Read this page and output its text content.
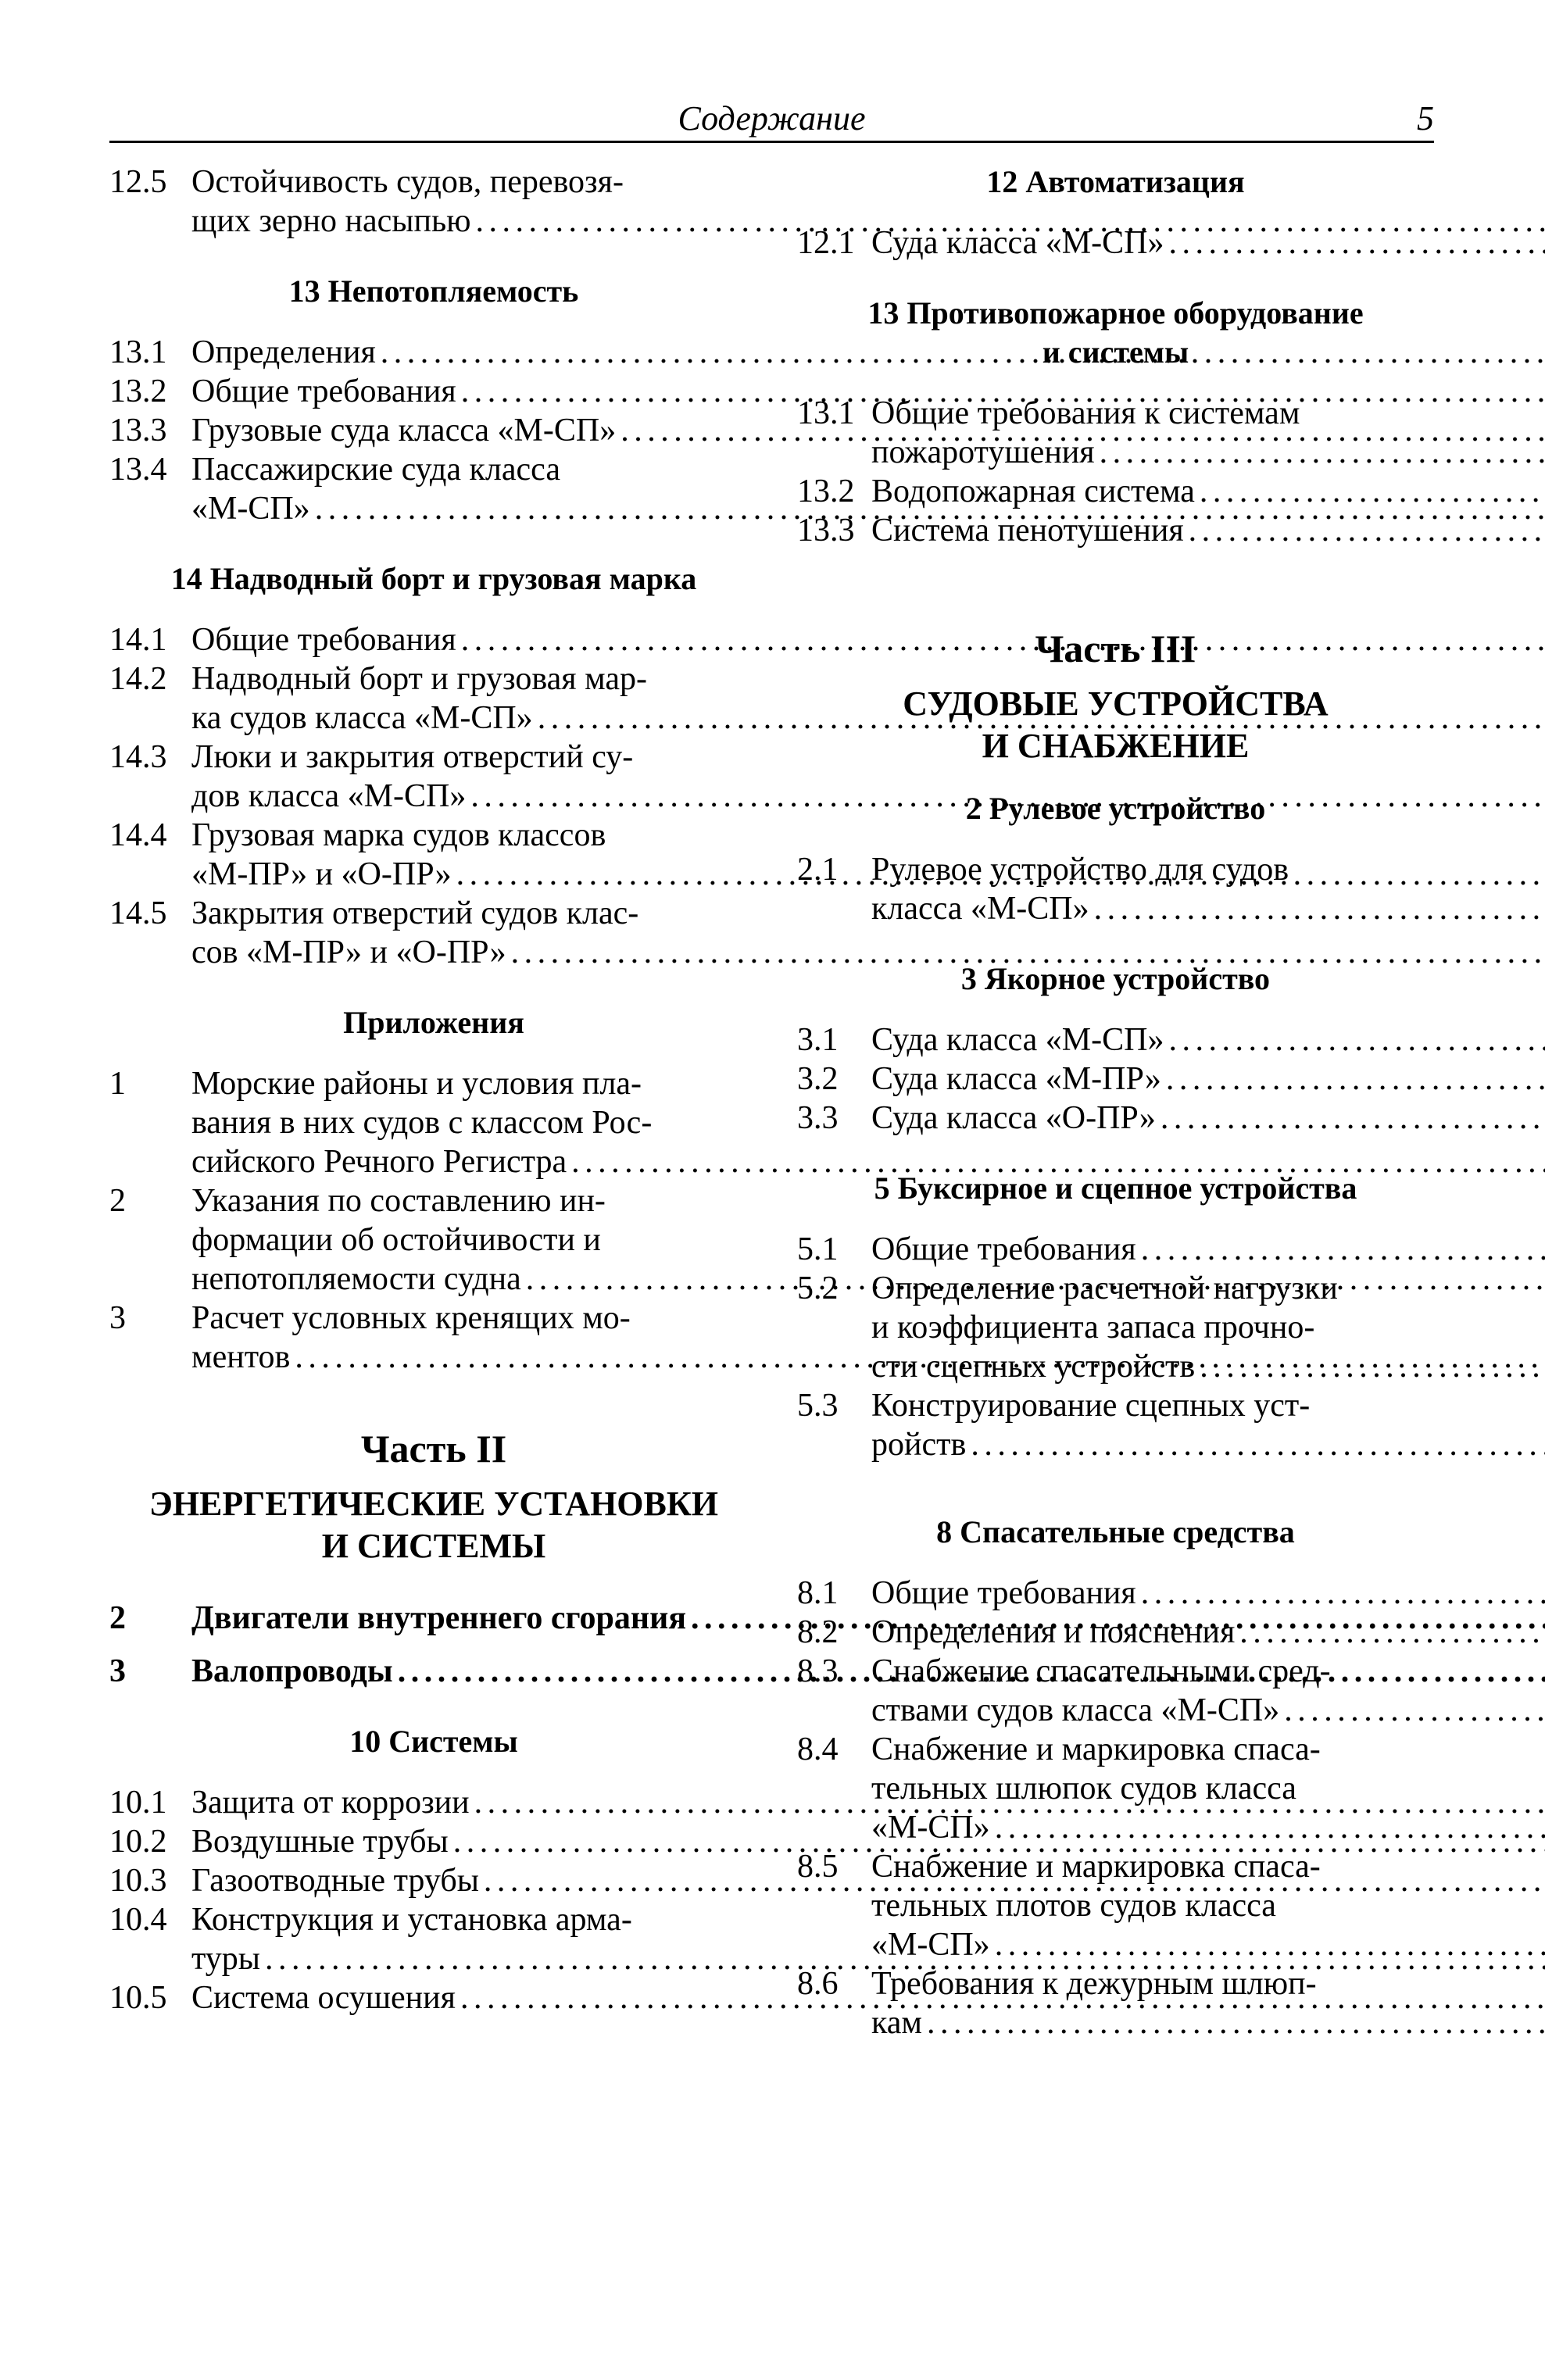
Содержание	5
12.5 Остойчивость судов, перевозя-
щих зерно насыпью
. . .
13 Непотопляемость
13.1 Определения
. . .
13.2 Общие требования
. . .
13.3 Грузовые суда класса «М-СП»
. . .
13.4 Пассажирские суда класса
«М-СП»
. . .
14 Надводный борт и грузовая марка
14.1 Общие требования
. . .
14.2 Надводный борт и грузовая мар-
ка судов класса «М-СП»
. . .
14.3 Люки и закрытия отверстий су-
дов класса «М-СП»
. . .
14.4 Грузовая марка судов классов
«М-ПР» и «О-ПР»
. . .
14.5 Закрытия отверстий судов клас-
сов «М-ПР» и «О-ПР»
. . .
Приложения
1	Морские районы и условия пла-
вания в них судов с классом Рос-
сийского Речного Регистра
. . .
2	Указания по составлению ин-
формации об остойчивости и
непотопляемости судна
. . .
3	Расчет условных кренящих мо-
ментов
. . .
Часть II
ЭНЕРГЕТИЧЕСКИЕ УСТАНОВКИ
И СИСТЕМЫ
2	Двигатели внутреннего сгорания
. . .
3	Валопроводы
. . .
10 Системы
10.1 Защита от коррозии
. . .
10.2 Воздушные трубы
. . .
10.3 Газоотводные трубы
. . .
10.4 Конструкция и установка арма-
туры
. . .
10.5 Система осушения
. . .
12 Автоматизация
12.1 Суда класса «М-СП»
. . .
13 Противопожарное оборудование
и системы
13.1 Общие требования к системам
пожаротушения
. . .
13.2 Водопожарная система
. . .
13.3 Система пенотушения
. . .
Часть III
СУДОВЫЕ УСТРОЙСТВА
И СНАБЖЕНИЕ
2 Рулевое устройство
2.1	Рулевое устройство для судов
класса «М-СП»
. . .
3 Якорное устройство
3.1	Суда класса «М-СП»
. . .
3.2	Суда класса «М-ПР»
. . .
3.3	Суда класса «О-ПР»
. . .
5 Буксирное и сцепное устройства
5.1	Общие требования
. . .
5.2	Определение расчетной нагрузки
и коэффициента запаса прочно-
сти сцепных устройств
. . .
5.3	Конструирование сцепных уст-
ройств
. . .
8 Спасательные средства
8.1	Общие требования
. . .
8.2	Определения и пояснения
. . .
8.3	Снабжение спасательными сред-
ствами судов класса «М-СП»
. . .
8.4	Снабжение и маркировка спаса-
тельных шлюпок судов класса
«М-СП»
. . .
8.5	Снабжение и маркировка спаса-
тельных плотов судов класса
«М-СП»
. . .
8.6	Требования к дежурным шлюп-
кам
. . .
